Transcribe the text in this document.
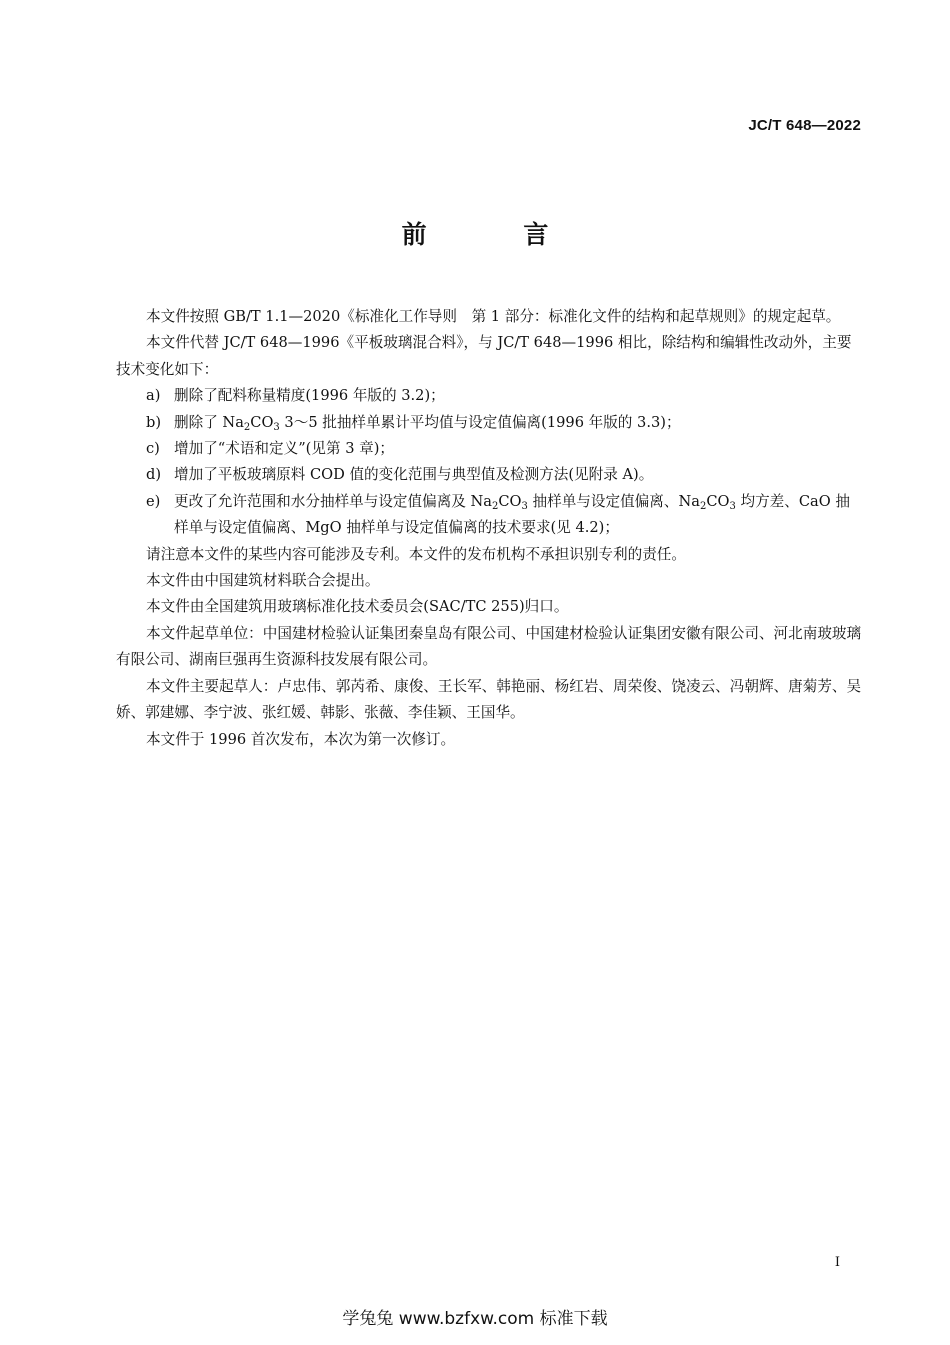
JC/T 648—2022
前 言

本文件按照 GB/T 1.1—2020《标准化工作导则　第 1 部分：标准化文件的结构和起草规则》的规定起草。

本文件代替 JC/T 648—1996《平板玻璃混合料》，与 JC/T 648—1996 相比，除结构和编辑性改动外，主要技术变化如下：

a) 删除了配料称量精度(1996 年版的 3.2)；

b) 删除了 $Na_2CO_3$ 3～5 批抽样单累计平均值与设定值偏离(1996 年版的 3.3)；

c) 增加了“术语和定义”(见第 3 章)；

d) 增加了平板玻璃原料 COD 值的变化范围与典型值及检测方法(见附录 A)。

e) 更改了允许范围和水分抽样单与设定值偏离及 $Na_2CO_3$ 抽样单与设定值偏离、$Na_2CO_3$ 均方差、CaO 抽样单与设定值偏离、MgO 抽样单与设定值偏离的技术要求(见 4.2)；

请注意本文件的某些内容可能涉及专利。本文件的发布机构不承担识别专利的责任。

本文件由中国建筑材料联合会提出。

本文件由全国建筑用玻璃标准化技术委员会(SAC/TC 255)归口。

本文件起草单位：中国建材检验认证集团秦皇岛有限公司、中国建材检验认证集团安徽有限公司、河北南玻玻璃有限公司、湖南巨强再生资源科技发展有限公司。

本文件主要起草人：卢忠伟、郭芮希、康俊、王长军、韩艳丽、杨红岩、周荣俊、饶凌云、冯朝辉、唐菊芳、吴娇、郭建娜、李宁波、张红媛、韩影、张薇、李佳颖、王国华。

本文件于 1996 首次发布，本次为第一次修订。

I
学兔兔 www.bzfxw.com 标准下载
